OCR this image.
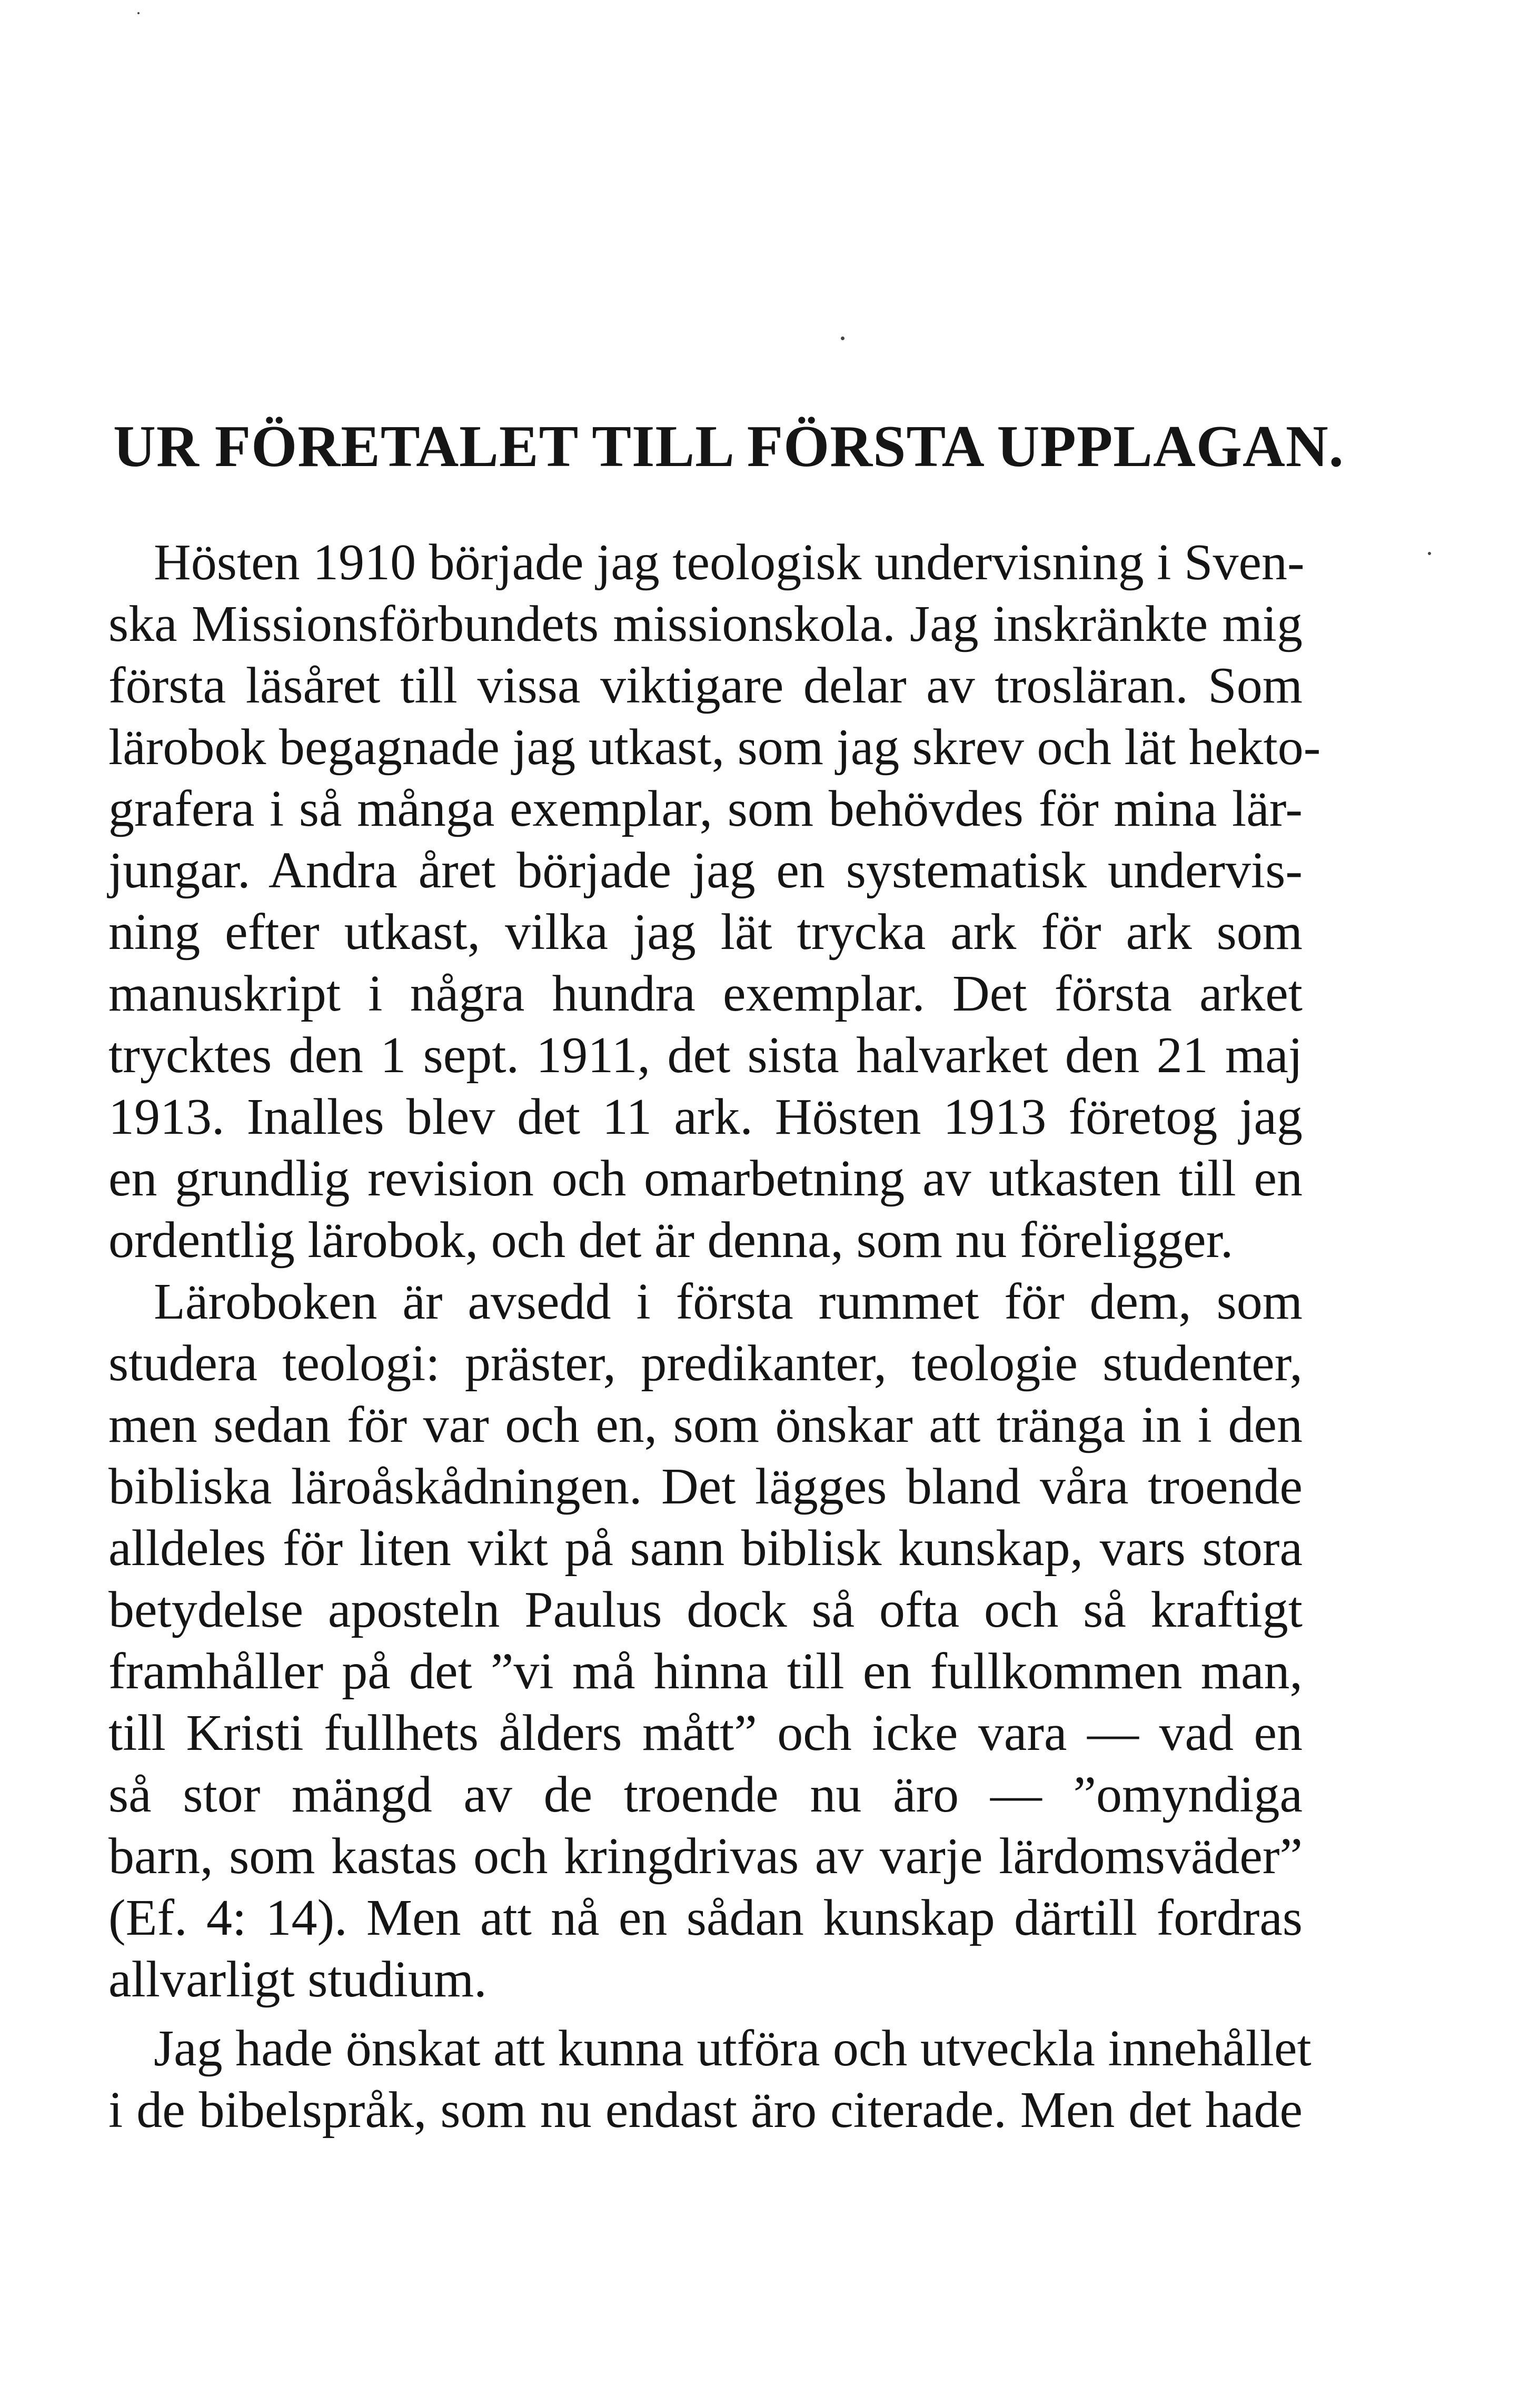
UR FÖRETALET TILL FÖRSTA UPPLAGAN.
Hösten 1910 började jag teologisk undervisning i Sven-
ska Missionsförbundets missionskola. Jag inskränkte mig
första läsåret till vissa viktigare delar av trosläran. Som
lärobok begagnade jag utkast, som jag skrev och lät hekto-
grafera i så många exemplar, som behövdes för mina lär-
jungar. Andra året började jag en systematisk undervis-
ning efter utkast, vilka jag lät trycka ark för ark som
manuskript i några hundra exemplar. Det första arket
trycktes den 1 sept. 1911, det sista halvarket den 21 maj
1913. Inalles blev det 11 ark. Hösten 1913 företog jag
en grundlig revision och omarbetning av utkasten till en
ordentlig lärobok, och det är denna, som nu föreligger.
Läroboken är avsedd i första rummet för dem, som
studera teologi: präster, predikanter, teologie studenter,
men sedan för var och en, som önskar att tränga in i den
bibliska läroåskådningen. Det lägges bland våra troende
alldeles för liten vikt på sann biblisk kunskap, vars stora
betydelse aposteln Paulus dock så ofta och så kraftigt
framhåller på det ”vi må hinna till en fullkommen man,
till Kristi fullhets ålders mått” och icke vara — vad en
så stor mängd av de troende nu äro — ”omyndiga
barn, som kastas och kringdrivas av varje lärdomsväder”
(Ef. 4: 14). Men att nå en sådan kunskap därtill fordras
allvarligt studium.
Jag hade önskat att kunna utföra och utveckla innehållet
i de bibelspråk, som nu endast äro citerade. Men det hade
